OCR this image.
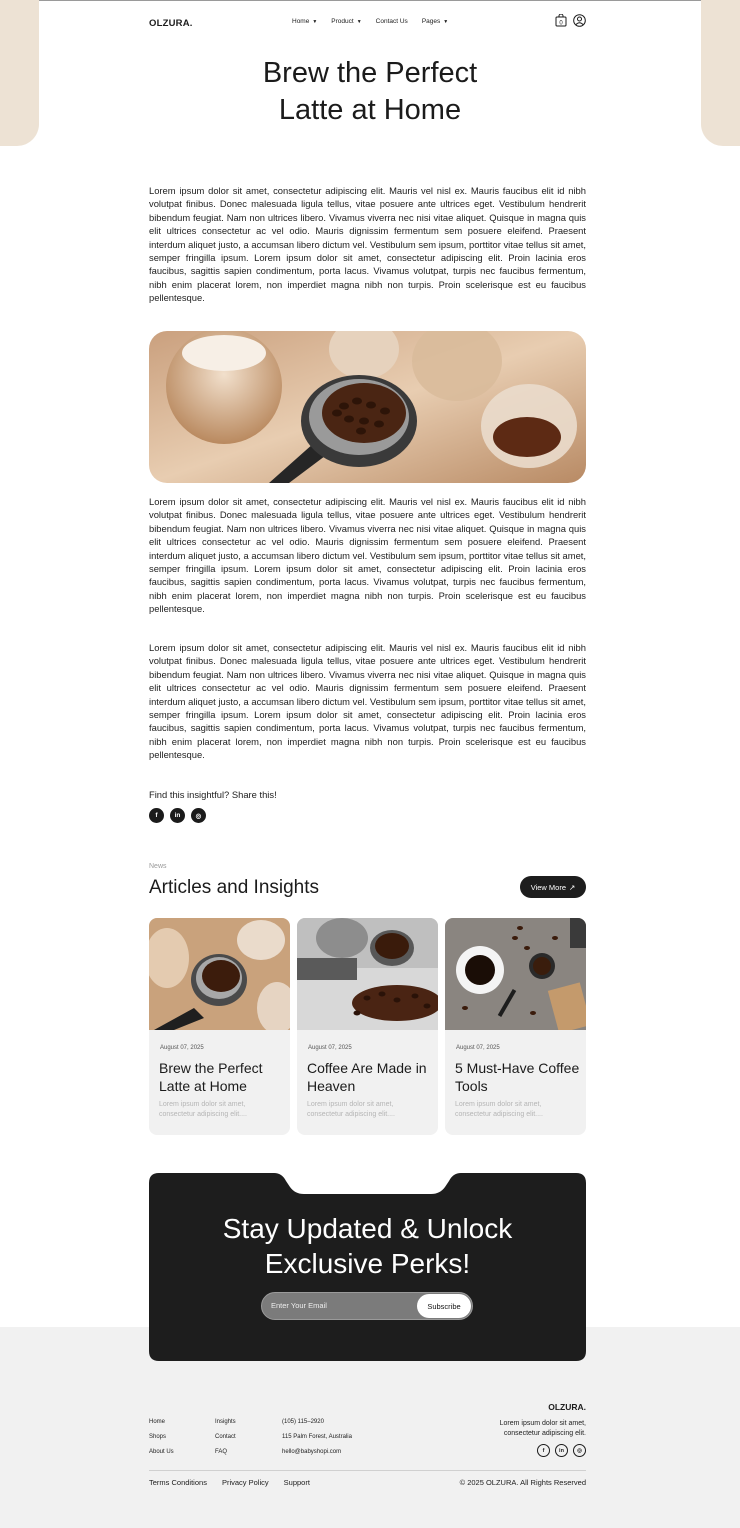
OLZURA.	Home ▼ Product ▼ Contact Us Pages ▼	0
Brew the Perfect
Latte at Home

Lorem ipsum dolor sit amet, consectetur adipiscing elit. Mauris vel nisl ex. Mauris faucibus elit id nibh volutpat finibus. Donec malesuada ligula tellus, vitae posuere ante ultrices eget. Vestibulum hendrerit bibendum feugiat. Nam non ultrices libero. Vivamus viverra nec nisi vitae aliquet. Quisque in magna quis elit ultrices consectetur ac vel odio. Mauris dignissim fermentum sem posuere eleifend. Praesent interdum aliquet justo, a accumsan libero dictum vel. Vestibulum sem ipsum, porttitor vitae tellus sit amet, semper fringilla ipsum. Lorem ipsum dolor sit amet, consectetur adipiscing elit. Proin lacinia eros faucibus, sagittis sapien condimentum, porta lacus. Vivamus volutpat, turpis nec faucibus fermentum, nibh enim placerat lorem, non imperdiet magna nibh non turpis. Proin scelerisque est eu faucibus pellentesque.

Lorem ipsum dolor sit amet, consectetur adipiscing elit. Mauris vel nisl ex. Mauris faucibus elit id nibh volutpat finibus. Donec malesuada ligula tellus, vitae posuere ante ultrices eget. Vestibulum hendrerit bibendum feugiat. Nam non ultrices libero. Vivamus viverra nec nisi vitae aliquet. Quisque in magna quis elit ultrices consectetur ac vel odio. Mauris dignissim fermentum sem posuere eleifend. Praesent interdum aliquet justo, a accumsan libero dictum vel. Vestibulum sem ipsum, porttitor vitae tellus sit amet, semper fringilla ipsum. Lorem ipsum dolor sit amet, consectetur adipiscing elit. Proin lacinia eros faucibus, sagittis sapien condimentum, porta lacus. Vivamus volutpat, turpis nec faucibus fermentum, nibh enim placerat lorem, non imperdiet magna nibh non turpis. Proin scelerisque est eu faucibus pellentesque.

Lorem ipsum dolor sit amet, consectetur adipiscing elit. Mauris vel nisl ex. Mauris faucibus elit id nibh volutpat finibus. Donec malesuada ligula tellus, vitae posuere ante ultrices eget. Vestibulum hendrerit bibendum feugiat. Nam non ultrices libero. Vivamus viverra nec nisi vitae aliquet. Quisque in magna quis elit ultrices consectetur ac vel odio. Mauris dignissim fermentum sem posuere eleifend. Praesent interdum aliquet justo, a accumsan libero dictum vel. Vestibulum sem ipsum, porttitor vitae tellus sit amet, semper fringilla ipsum. Lorem ipsum dolor sit amet, consectetur adipiscing elit. Proin lacinia eros faucibus, sagittis sapien condimentum, porta lacus. Vivamus volutpat, turpis nec faucibus fermentum, nibh enim placerat lorem, non imperdiet magna nibh non turpis. Proin scelerisque est eu faucibus pellentesque.

Find this insightful? Share this!
f	in	◎
News
Articles and Insights	View More ↗
August 07, 2025
Brew the Perfect Latte at Home
Lorem ipsum dolor sit amet, consectetur adipiscing elit....
August 07, 2025
Coffee Are Made in Heaven
Lorem ipsum dolor sit amet, consectetur adipiscing elit....
August 07, 2025
5 Must-Have Coffee Tools
Lorem ipsum dolor sit amet, consectetur adipiscing elit....
Stay Updated & Unlock
Exclusive Perks!
Enter Your Email	Subscribe
OLZURA.
Home
Shops
About Us
Insights
Contact
FAQ
(105) 115–2920
115 Palm Forest, Australia
hello@babyshopi.com
Lorem ipsum dolor sit amet, consectetur adipiscing elit.
f	in	◎
Terms Conditions Privacy Policy Support	© 2025 OLZURA. All Rights Reserved
